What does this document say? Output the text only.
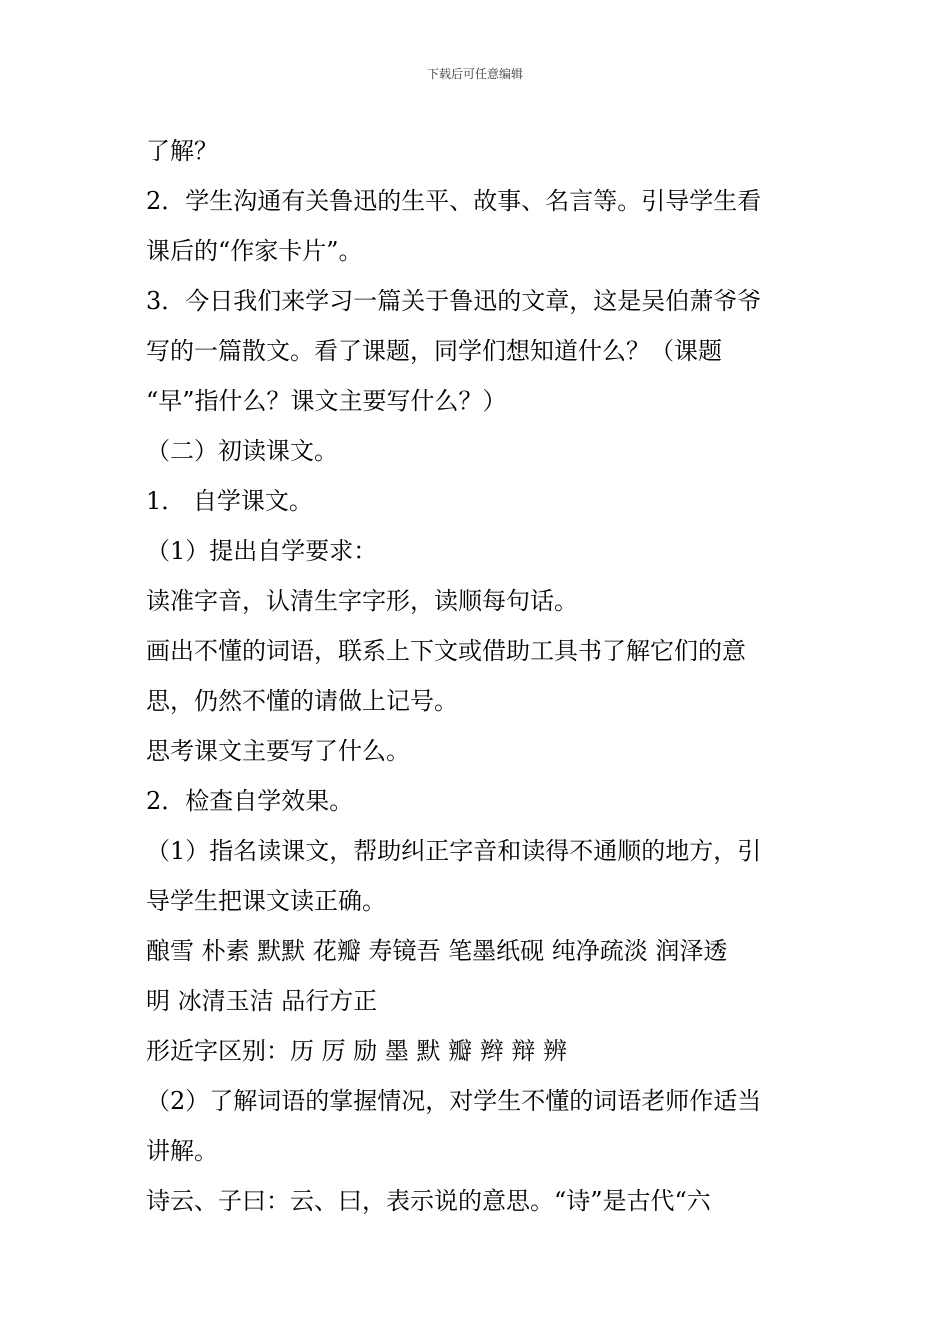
下载后可任意编辑
了解？
2．学生沟通有关鲁迅的生平、故事、名言等。引导学生看
课后的“作家卡片”。
3．今日我们来学习一篇关于鲁迅的文章，这是吴伯萧爷爷
写的一篇散文。看了课题，同学们想知道什么？（课题
“早”指什么？课文主要写什么？）
（二）初读课文。
1． 自学课文。
（1）提出自学要求：
读准字音，认清生字字形，读顺每句话。
画出不懂的词语，联系上下文或借助工具书了解它们的意
思，仍然不懂的请做上记号。
思考课文主要写了什么。
2．检查自学效果。
（1）指名读课文，帮助纠正字音和读得不通顺的地方，引
导学生把课文读正确。
酿雪 朴素 默默 花瓣 寿镜吾 笔墨纸砚 纯净疏淡 润泽透
明 冰清玉洁 品行方正
形近字区别：历 厉 励 墨 默 瓣 辫 辩 辨
（2）了解词语的掌握情况，对学生不懂的词语老师作适当
讲解。
诗云、子曰：云、曰，表示说的意思。“诗”是古代“六
